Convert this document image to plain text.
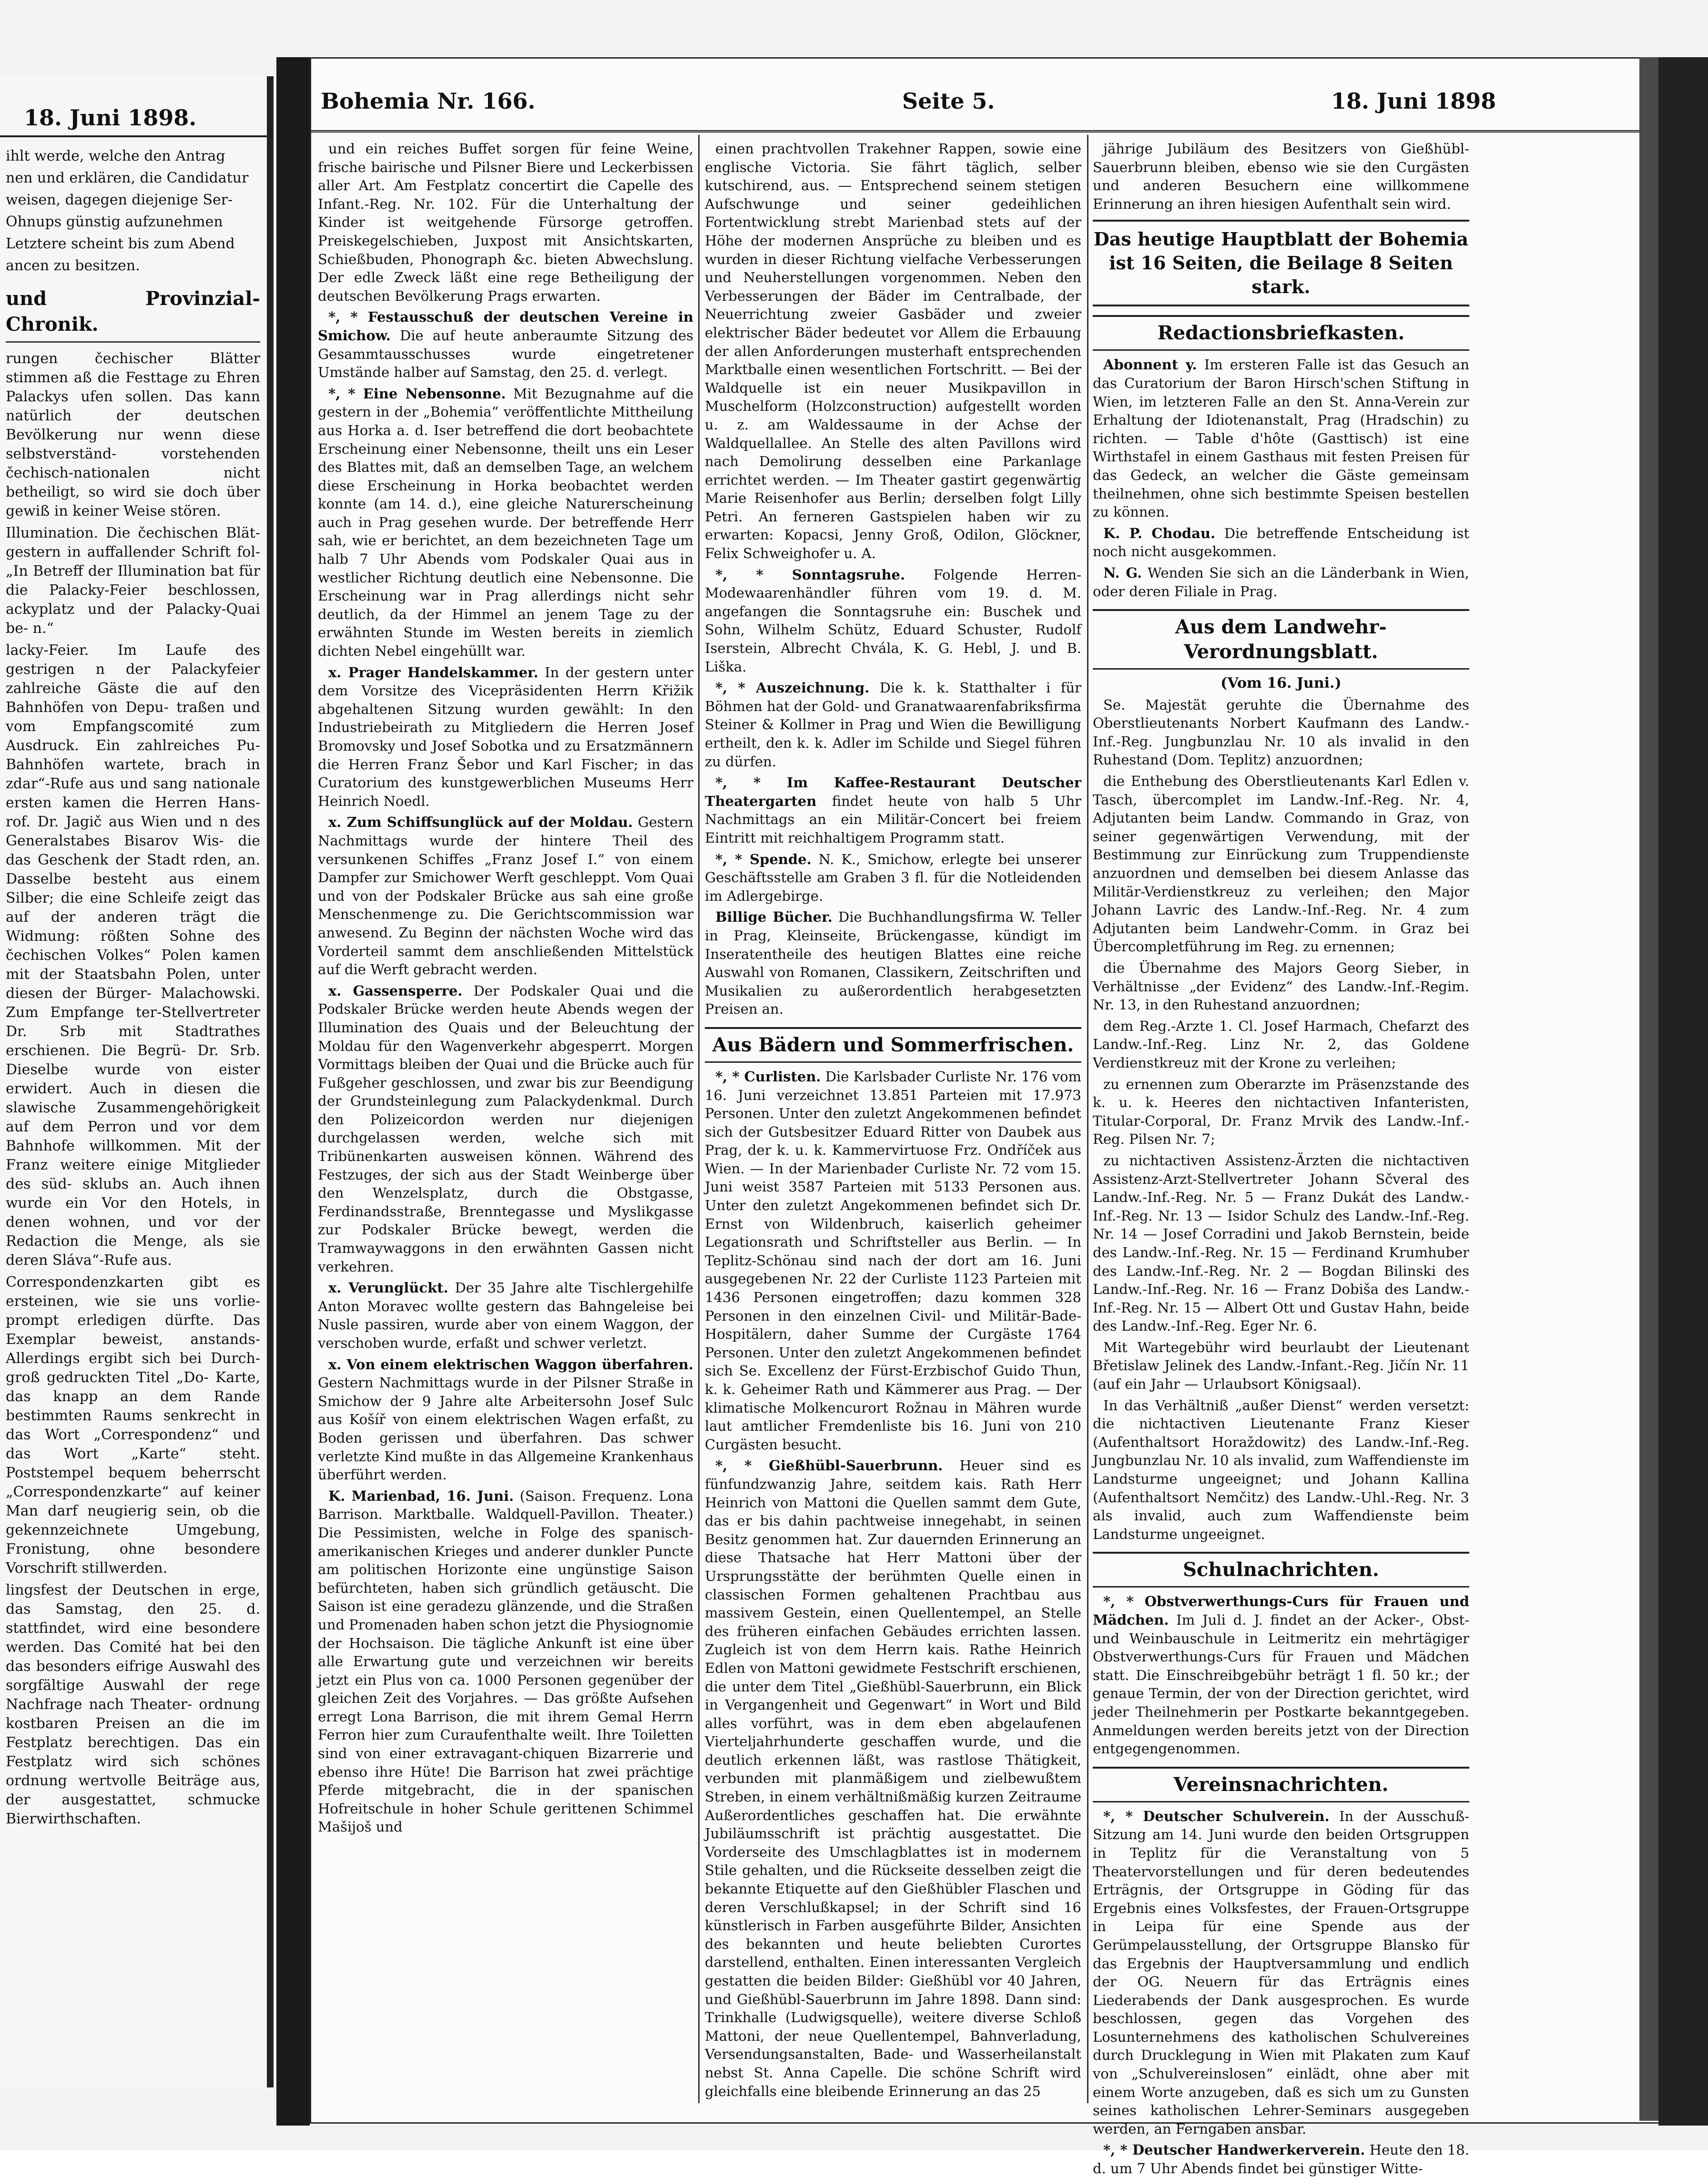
18. Juni 1898.

ihlt werde, welche den Antrag

nen und erklären, die Candidatur

weisen, dagegen diejenige Ser-

Ohnups günstig aufzunehmen

Letztere scheint bis zum Abend

ancen zu besitzen.

und Provinzial-Chronik.

rungen čechischer Blätter stimmen aß die Festtage zu Ehren Palackys ufen sollen. Das kann natürlich der deutschen Bevölkerung nur wenn diese selbstverständ- vorstehenden čechisch-nationalen nicht betheiligt, so wird sie doch über gewiß in keiner Weise stören.

Illumination. Die čechischen Blät- gestern in auffallender Schrift fol- „In Betreff der Illumination bat für die Palacky-Feier beschlossen, ackyplatz und der Palacky-Quai be- n.“

lacky-Feier. Im Laufe des gestrigen n der Palackyfeier zahlreiche Gäste die auf den Bahnhöfen von Depu- traßen und vom Empfangscomité zum Ausdruck. Ein zahlreiches Pu- Bahnhöfen wartete, brach in zdar“-Rufe aus und sang nationale ersten kamen die Herren Hans- rof. Dr. Jagič aus Wien und n des Generalstabes Bisarov Wis- die das Geschenk der Stadt rden, an. Dasselbe besteht aus einem Silber; die eine Schleife zeigt das auf der anderen trägt die Widmung: rößten Sohne des čechischen Volkes“ Polen kamen mit der Staatsbahn Polen, unter diesen der Bürger- Malachowski. Zum Empfange ter-Stellvertreter Dr. Srb mit Stadtrathes erschienen. Die Begrü- Dr. Srb. Dieselbe wurde von eister erwidert. Auch in diesen die slawische Zusammengehörigkeit auf dem Perron und vor dem Bahnhofe willkommen. Mit der Franz weitere einige Mitglieder des süd- sklubs an. Auch ihnen wurde ein Vor den Hotels, in denen wohnen, und vor der Redaction die Menge, als sie deren Sláva“-Rufe aus.

Correspondenzkarten gibt es ersteinen, wie sie uns vorlie- prompt erledigen dürfte. Das Exemplar beweist, anstands- Allerdings ergibt sich bei Durch- groß gedruckten Titel „Do- Karte, das knapp an dem Rande bestimmten Raums senkrecht in das Wort „Correspondenz“ und das Wort „Karte“ steht. Poststempel bequem beherrscht „Correspondenzkarte“ auf keiner Man darf neugierig sein, ob die gekennzeichnete Umgebung, Fronistung, ohne besondere Vorschrift stillwerden.

lingsfest der Deutschen in erge, das Samstag, den 25. d. stattfindet, wird eine besondere werden. Das Comité hat bei den das besonders eifrige Auswahl des sorgfältige Auswahl der rege Nachfrage nach Theater- ordnung kostbaren Preisen an die im Festplatz berechtigen. Das ein Festplatz wird sich schönes ordnung wertvolle Beiträge aus, der ausgestattet, schmucke Bierwirthschaften.

Bohemia Nr. 166.	Seite 5.	18. Juni 1898

und ein reiches Buffet sorgen für feine Weine, frische bairische und Pilsner Biere und Leckerbissen aller Art. Am Festplatz concertirt die Capelle des Infant.-Reg. Nr. 102. Für die Unterhaltung der Kinder ist weitgehende Fürsorge getroffen. Preiskegelschieben, Juxpost mit Ansichtskarten, Schießbuden, Phonograph &c. bieten Abwechslung. Der edle Zweck läßt eine rege Betheiligung der deutschen Bevölkerung Prags erwarten.

*, * Festausschuß der deutschen Vereine in Smichow. Die auf heute anberaumte Sitzung des Gesammtausschusses wurde eingetretener Umstände halber auf Samstag, den 25. d. verlegt.

*, * Eine Nebensonne. Mit Bezugnahme auf die gestern in der „Bohemia“ veröffentlichte Mittheilung aus Horka a. d. Iser betreffend die dort beobachtete Erscheinung einer Nebensonne, theilt uns ein Leser des Blattes mit, daß an demselben Tage, an welchem diese Erscheinung in Horka beobachtet werden konnte (am 14. d.), eine gleiche Naturerscheinung auch in Prag gesehen wurde. Der betreffende Herr sah, wie er berichtet, an dem bezeichneten Tage um halb 7 Uhr Abends vom Podskaler Quai aus in westlicher Richtung deutlich eine Nebensonne. Die Erscheinung war in Prag allerdings nicht sehr deutlich, da der Himmel an jenem Tage zu der erwähnten Stunde im Westen bereits in ziemlich dichten Nebel eingehüllt war.

x. Prager Handelskammer. In der gestern unter dem Vorsitze des Vicepräsidenten Herrn Křižik abgehaltenen Sitzung wurden gewählt: In den Industriebeirath zu Mitgliedern die Herren Josef Bromovsky und Josef Sobotka und zu Ersatzmännern die Herren Franz Šebor und Karl Fischer; in das Curatorium des kunstgewerblichen Museums Herr Heinrich Noedl.

x. Zum Schiffsunglück auf der Moldau. Gestern Nachmittags wurde der hintere Theil des versunkenen Schiffes „Franz Josef I.“ von einem Dampfer zur Smichower Werft geschleppt. Vom Quai und von der Podskaler Brücke aus sah eine große Menschenmenge zu. Die Gerichtscommission war anwesend. Zu Beginn der nächsten Woche wird das Vorderteil sammt dem anschließenden Mittelstück auf die Werft gebracht werden.

x. Gassensperre. Der Podskaler Quai und die Podskaler Brücke werden heute Abends wegen der Illumination des Quais und der Beleuchtung der Moldau für den Wagenverkehr abgesperrt. Morgen Vormittags bleiben der Quai und die Brücke auch für Fußgeher geschlossen, und zwar bis zur Beendigung der Grundsteinlegung zum Palackydenkmal. Durch den Polizeicordon werden nur diejenigen durchgelassen werden, welche sich mit Tribünenkarten ausweisen können. Während des Festzuges, der sich aus der Stadt Weinberge über den Wenzelsplatz, durch die Obstgasse, Ferdinandsstraße, Brenntegasse und Myslikgasse zur Podskaler Brücke bewegt, werden die Tramwaywaggons in den erwähnten Gassen nicht verkehren.

x. Verunglückt. Der 35 Jahre alte Tischlergehilfe Anton Moravec wollte gestern das Bahngeleise bei Nusle passiren, wurde aber von einem Waggon, der verschoben wurde, erfaßt und schwer verletzt.

x. Von einem elektrischen Waggon überfahren. Gestern Nachmittags wurde in der Pilsner Straße in Smichow der 9 Jahre alte Arbeitersohn Josef Sulc aus Košíř von einem elektrischen Wagen erfaßt, zu Boden gerissen und überfahren. Das schwer verletzte Kind mußte in das Allgemeine Krankenhaus überführt werden.

K. Marienbad, 16. Juni. (Saison. Frequenz. Lona Barrison. Marktballe. Waldquell-Pavillon. Theater.) Die Pessimisten, welche in Folge des spanisch-amerikanischen Krieges und anderer dunkler Puncte am politischen Horizonte eine ungünstige Saison befürchteten, haben sich gründlich getäuscht. Die Saison ist eine geradezu glänzende, und die Straßen und Promenaden haben schon jetzt die Physiognomie der Hochsaison. Die tägliche Ankunft ist eine über alle Erwartung gute und verzeichnen wir bereits jetzt ein Plus von ca. 1000 Personen gegenüber der gleichen Zeit des Vorjahres. — Das größte Aufsehen erregt Lona Barrison, die mit ihrem Gemal Herrn Ferron hier zum Curaufenthalte weilt. Ihre Toiletten sind von einer extravagant-chiquen Bizarrerie und ebenso ihre Hüte! Die Barrison hat zwei prächtige Pferde mitgebracht, die in der spanischen Hofreitschule in hoher Schule gerittenen Schimmel Mašijoš und

einen prachtvollen Trakehner Rappen, sowie eine englische Victoria. Sie fährt täglich, selber kutschirend, aus. — Entsprechend seinem stetigen Aufschwunge und seiner gedeihlichen Fortentwicklung strebt Marienbad stets auf der Höhe der modernen Ansprüche zu bleiben und es wurden in dieser Richtung vielfache Verbesserungen und Neuherstellungen vorgenommen. Neben den Verbesserungen der Bäder im Centralbade, der Neuerrichtung zweier Gasbäder und zweier elektrischer Bäder bedeutet vor Allem die Erbauung der allen Anforderungen musterhaft entsprechenden Marktballe einen wesentlichen Fortschritt. — Bei der Waldquelle ist ein neuer Musikpavillon in Muschelform (Holzconstruction) aufgestellt worden u. z. am Waldessaume in der Achse der Waldquellallee. An Stelle des alten Pavillons wird nach Demolirung desselben eine Parkanlage errichtet werden. — Im Theater gastirt gegenwärtig Marie Reisenhofer aus Berlin; derselben folgt Lilly Petri. An ferneren Gastspielen haben wir zu erwarten: Kopacsi, Jenny Groß, Odilon, Glöckner, Felix Schweighofer u. A.

*, * Sonntagsruhe. Folgende Herren-Modewaarenhändler führen vom 19. d. M. angefangen die Sonntagsruhe ein: Buschek und Sohn, Wilhelm Schütz, Eduard Schuster, Rudolf Iserstein, Albrecht Chvála, K. G. Hebl, J. und B. Liška.

*, * Auszeichnung. Die k. k. Statthalter i für Böhmen hat der Gold- und Granatwaarenfabriksfirma Steiner & Kollmer in Prag und Wien die Bewilligung ertheilt, den k. k. Adler im Schilde und Siegel führen zu dürfen.

*, * Im Kaffee-Restaurant Deutscher Theatergarten findet heute von halb 5 Uhr Nachmittags an ein Militär-Concert bei freiem Eintritt mit reichhaltigem Programm statt.

*, * Spende. N. K., Smichow, erlegte bei unserer Geschäftsstelle am Graben 3 fl. für die Notleidenden im Adlergebirge.

Billige Bücher. Die Buchhandlungsfirma W. Teller in Prag, Kleinseite, Brückengasse, kündigt im Inseratentheile des heutigen Blattes eine reiche Auswahl von Romanen, Classikern, Zeitschriften und Musikalien zu außerordentlich herabgesetzten Preisen an.

Aus Bädern und Sommerfrischen.

*, * Curlisten. Die Karlsbader Curliste Nr. 176 vom 16. Juni verzeichnet 13.851 Parteien mit 17.973 Personen. Unter den zuletzt Angekommenen befindet sich der Gutsbesitzer Eduard Ritter von Daubek aus Prag, der k. u. k. Kammervirtuose Frz. Ondříček aus Wien. — In der Marienbader Curliste Nr. 72 vom 15. Juni weist 3587 Parteien mit 5133 Personen aus. Unter den zuletzt Angekommenen befindet sich Dr. Ernst von Wildenbruch, kaiserlich geheimer Legationsrath und Schriftsteller aus Berlin. — In Teplitz-Schönau sind nach der dort am 16. Juni ausgegebenen Nr. 22 der Curliste 1123 Parteien mit 1436 Personen eingetroffen; dazu kommen 328 Personen in den einzelnen Civil- und Militär-Bade-Hospitälern, daher Summe der Curgäste 1764 Personen. Unter den zuletzt Angekommenen befindet sich Se. Excellenz der Fürst-Erzbischof Guido Thun, k. k. Geheimer Rath und Kämmerer aus Prag. — Der klimatische Molkencurort Rožnau in Mähren wurde laut amtlicher Fremdenliste bis 16. Juni von 210 Curgästen besucht.

*, * Gießhübl-Sauerbrunn. Heuer sind es fünfundzwanzig Jahre, seitdem kais. Rath Herr Heinrich von Mattoni die Quellen sammt dem Gute, das er bis dahin pachtweise innegehabt, in seinen Besitz genommen hat. Zur dauernden Erinnerung an diese Thatsache hat Herr Mattoni über der Ursprungsstätte der berühmten Quelle einen in classischen Formen gehaltenen Prachtbau aus massivem Gestein, einen Quellentempel, an Stelle des früheren einfachen Gebäudes errichten lassen. Zugleich ist von dem Herrn kais. Rathe Heinrich Edlen von Mattoni gewidmete Festschrift erschienen, die unter dem Titel „Gießhübl-Sauerbrunn, ein Blick in Vergangenheit und Gegenwart“ in Wort und Bild alles vorführt, was in dem eben abgelaufenen Vierteljahrhunderte geschaffen wurde, und die deutlich erkennen läßt, was rastlose Thätigkeit, verbunden mit planmäßigem und zielbewußtem Streben, in einem verhältnißmäßig kurzen Zeitraume Außerordentliches geschaffen hat. Die erwähnte Jubiläumsschrift ist prächtig ausgestattet. Die Vorderseite des Umschlagblattes ist in modernem Stile gehalten, und die Rückseite desselben zeigt die bekannte Etiquette auf den Gießhübler Flaschen und deren Verschlußkapsel; in der Schrift sind 16 künstlerisch in Farben ausgeführte Bilder, Ansichten des bekannten und heute beliebten Curortes darstellend, enthalten. Einen interessanten Vergleich gestatten die beiden Bilder: Gießhübl vor 40 Jahren, und Gießhübl-Sauerbrunn im Jahre 1898. Dann sind: Trinkhalle (Ludwigsquelle), weitere diverse Schloß Mattoni, der neue Quellentempel, Bahnverladung, Versendungsanstalten, Bade- und Wasserheilanstalt nebst St. Anna Capelle. Die schöne Schrift wird gleichfalls eine bleibende Erinnerung an das 25

jährige Jubiläum des Besitzers von Gießhübl-Sauerbrunn bleiben, ebenso wie sie den Curgästen und anderen Besuchern eine willkommene Erinnerung an ihren hiesigen Aufenthalt sein wird.

Das heutige Hauptblatt der Bohemia ist 16 Seiten, die Beilage 8 Seiten stark.
Redactionsbriefkasten.

Abonnent y. Im ersteren Falle ist das Gesuch an das Curatorium der Baron Hirsch'schen Stiftung in Wien, im letzteren Falle an den St. Anna-Verein zur Erhaltung der Idiotenanstalt, Prag (Hradschin) zu richten. — Table d'hôte (Gasttisch) ist eine Wirthstafel in einem Gasthaus mit festen Preisen für das Gedeck, an welcher die Gäste gemeinsam theilnehmen, ohne sich bestimmte Speisen bestellen zu können.

K. P. Chodau. Die betreffende Entscheidung ist noch nicht ausgekommen.

N. G. Wenden Sie sich an die Länderbank in Wien, oder deren Filiale in Prag.

Aus dem Landwehr-Verordnungsblatt.
(Vom 16. Juni.)

Se. Majestät geruhte die Übernahme des Oberstlieutenants Norbert Kaufmann des Landw.-Inf.-Reg. Jungbunzlau Nr. 10 als invalid in den Ruhestand (Dom. Teplitz) anzuordnen;

die Enthebung des Oberstlieutenants Karl Edlen v. Tasch, übercomplet im Landw.-Inf.-Reg. Nr. 4, Adjutanten beim Landw. Commando in Graz, von seiner gegenwärtigen Verwendung, mit der Bestimmung zur Einrückung zum Truppendienste anzuordnen und demselben bei diesem Anlasse das Militär-Verdienstkreuz zu verleihen; den Major Johann Lavric des Landw.-Inf.-Reg. Nr. 4 zum Adjutanten beim Landwehr-Comm. in Graz bei Übercompletführung im Reg. zu ernennen;

die Übernahme des Majors Georg Sieber, in Verhältnisse „der Evidenz“ des Landw.-Inf.-Regim. Nr. 13, in den Ruhestand anzuordnen;

dem Reg.-Arzte 1. Cl. Josef Harmach, Chefarzt des Landw.-Inf.-Reg. Linz Nr. 2, das Goldene Verdienstkreuz mit der Krone zu verleihen;

zu ernennen zum Oberarzte im Präsenzstande des k. u. k. Heeres den nichtactiven Infanteristen, Titular-Corporal, Dr. Franz Mrvik des Landw.-Inf.-Reg. Pilsen Nr. 7;

zu nichtactiven Assistenz-Ärzten die nichtactiven Assistenz-Arzt-Stellvertreter Johann Sčveral des Landw.-Inf.-Reg. Nr. 5 — Franz Dukát des Landw.-Inf.-Reg. Nr. 13 — Isidor Schulz des Landw.-Inf.-Reg. Nr. 14 — Josef Corradini und Jakob Bernstein, beide des Landw.-Inf.-Reg. Nr. 15 — Ferdinand Krumhuber des Landw.-Inf.-Reg. Nr. 2 — Bogdan Bilinski des Landw.-Inf.-Reg. Nr. 16 — Franz Dobiša des Landw.-Inf.-Reg. Nr. 15 — Albert Ott und Gustav Hahn, beide des Landw.-Inf.-Reg. Eger Nr. 6.

Mit Wartegebühr wird beurlaubt der Lieutenant Břetislaw Jelinek des Landw.-Infant.-Reg. Jičín Nr. 11 (auf ein Jahr — Urlaubsort Königsaal).

In das Verhältniß „außer Dienst“ werden versetzt: die nichtactiven Lieutenante Franz Kieser (Aufenthaltsort Horaždowitz) des Landw.-Inf.-Reg. Jungbunzlau Nr. 10 als invalid, zum Waffendienste im Landsturme ungeeignet; und Johann Kallina (Aufenthaltsort Nemčitz) des Landw.-Uhl.-Reg. Nr. 3 als invalid, auch zum Waffendienste beim Landsturme ungeeignet.

Schulnachrichten.

*, * Obstverwerthungs-Curs für Frauen und Mädchen. Im Juli d. J. findet an der Acker-, Obst- und Weinbauschule in Leitmeritz ein mehrtägiger Obstverwerthungs-Curs für Frauen und Mädchen statt. Die Einschreibgebühr beträgt 1 fl. 50 kr.; der genaue Termin, der von der Direction gerichtet, wird jeder Theilnehmerin per Postkarte bekanntgegeben. Anmeldungen werden bereits jetzt von der Direction entgegengenommen.

Vereinsnachrichten.

*, * Deutscher Schulverein. In der Ausschuß-Sitzung am 14. Juni wurde den beiden Ortsgruppen in Teplitz für die Veranstaltung von 5 Theatervorstellungen und für deren bedeutendes Erträgnis, der Ortsgruppe in Göding für das Ergebnis eines Volksfestes, der Frauen-Ortsgruppe in Leipa für eine Spende aus der Gerümpelausstellung, der Ortsgruppe Blansko für das Ergebnis der Hauptversammlung und endlich der OG. Neuern für das Erträgnis eines Liederabends der Dank ausgesprochen. Es wurde beschlossen, gegen das Vorgehen des Losunternehmens des katholischen Schulvereines durch Drucklegung in Wien mit Plakaten zum Kauf von „Schulvereinslosen“ einlädt, ohne aber mit einem Worte anzugeben, daß es sich um zu Gunsten seines katholischen Lehrer-Seminars ausgegeben werden, an Ferngaben ansbar.

*, * Deutscher Handwerkerverein. Heute den 18. d. um 7 Uhr Abends findet bei günstiger Witte-
